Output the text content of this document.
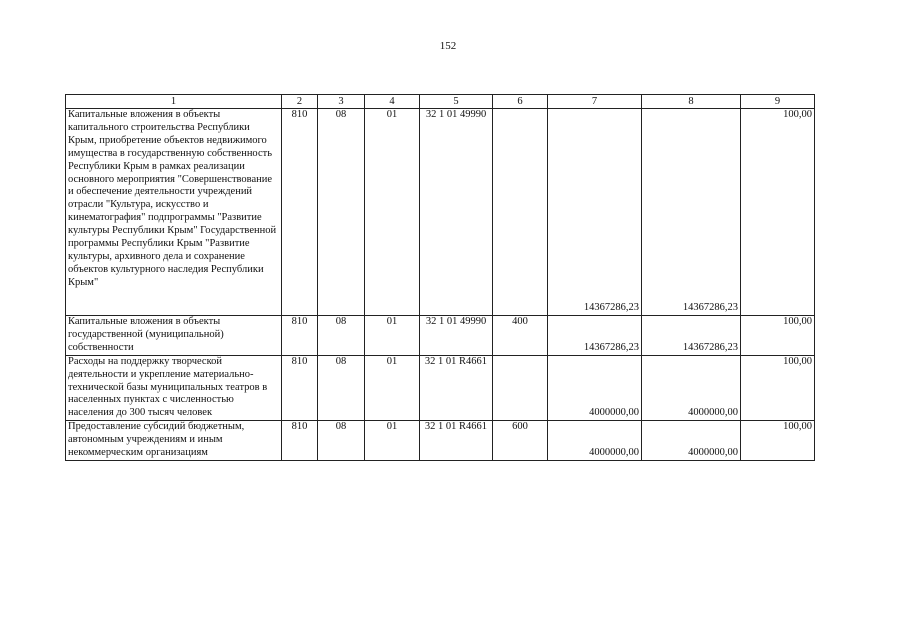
152
1	2	3	4	5	6	7	8	9
Капитальные вложения в объекты капитального строительства Республики Крым, приобретение объектов недвижимого имущества в государственную собственность Республики Крым в рамках реализации основного мероприятия "Совершенствование и обеспечение деятельности учреждений отрасли "Культура, искусство и кинематография" подпрограммы "Развитие культуры Республики Крым" Государственной программы Республики Крым "Развитие культуры, архивного дела и сохранение объектов культурного наследия Республики Крым"	810	08	01	32 1 01 49990		14367286,23	14367286,23	100,00
Капитальные вложения в объекты государственной (муниципальной) собственности	810	08	01	32 1 01 49990	400	14367286,23	14367286,23	100,00
Расходы на поддержку творческой деятельности и укрепление материально-технической базы муниципальных театров в населенных пунктах с численностью населения до 300 тысяч человек	810	08	01	32 1 01 R4661		4000000,00	4000000,00	100,00
Предоставление субсидий бюджетным, автономным учреждениям и иным некоммерческим организациям	810	08	01	32 1 01 R4661	600	4000000,00	4000000,00	100,00
